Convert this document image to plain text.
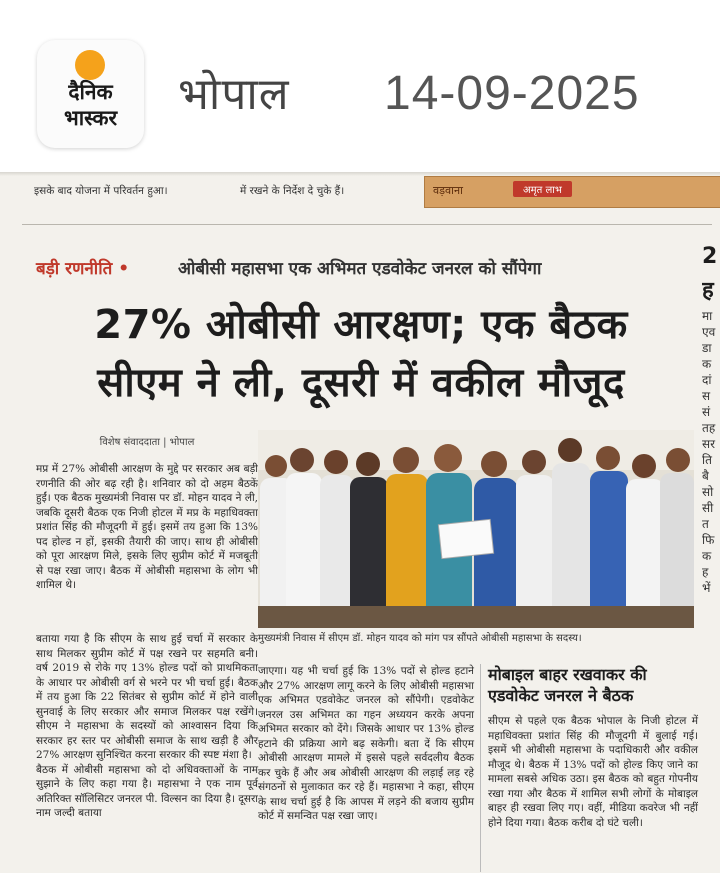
दैनिक
भास्कर	भोपाल 14-09-2025
इसके बाद योजना में परिवर्तन हुआ।	में रखने के निर्देश दे चुके हैं।	वड़वाना	अमृत लाभ
बड़ी रणनीति •	ओबीसी महासभा एक अभिमत एडवोकेट जनरल को सौंपेगा
27% ओबीसी आरक्षण; एक बैठक
सीएम ने ली, दूसरी में वकील मौजूद
2
ह
मा एव डा क दां स सं तह सर ति बै सो सी त फि क ह भें
विशेष संवाददाता | भोपाल
मप्र में 27% ओबीसी आरक्षण के मुद्दे पर सरकार अब बड़ी रणनीति की ओर बढ़ रही है। शनिवार को दो अहम बैठकें हुईं। एक बैठक मुख्यमंत्री निवास पर डॉ. मोहन यादव ने ली, जबकि दूसरी बैठक एक निजी होटल में मप्र के महाधिवक्ता प्रशांत सिंह की मौजूदगी में हुई। इसमें तय हुआ कि 13% पद होल्ड न हों, इसकी तैयारी की जाए। साथ ही ओबीसी को पूरा आरक्षण मिले, इसके लिए सुप्रीम कोर्ट में मजबूती से पक्ष रखा जाए। बैठक में ओबीसी महासभा के लोग भी शामिल थे।
मुख्यमंत्री निवास में सीएम डॉ. मोहन यादव को मांग पत्र सौंपते ओबीसी महासभा के सदस्य।
बताया गया है कि सीएम के साथ हुई चर्चा में सरकार के साथ मिलकर सुप्रीम कोर्ट में पक्ष रखने पर सहमति बनी। वर्ष 2019 से रोके गए 13% होल्ड पदों को प्राथमिकता के आधार पर ओबीसी वर्ग से भरने पर भी चर्चा हुई। बैठक में तय हुआ कि 22 सितंबर से सुप्रीम कोर्ट में होने वाली सुनवाई के लिए सरकार और समाज मिलकर पक्ष रखेंगे। सीएम ने महासभा के सदस्यों को आश्वासन दिया कि सरकार हर स्तर पर ओबीसी समाज के साथ खड़ी है और 27% आरक्षण सुनिश्चित करना सरकार की स्पष्ट मंशा है।
बैठक में ओबीसी महासभा को दो अधिवक्ताओं के नाम सुझाने के लिए कहा गया है। महासभा ने एक नाम पूर्व अतिरिक्त सॉलिसिटर जनरल पी. विल्सन का दिया है। दूसरा नाम जल्दी बताया
जाएगा। यह भी चर्चा हुई कि 13% पदों से होल्ड हटाने और 27% आरक्षण लागू करने के लिए ओबीसी महासभा एक अभिमत एडवोकेट जनरल को सौंपेगी। एडवोकेट जनरल उस अभिमत का गहन अध्ययन करके अपना अभिमत सरकार को देंगे। जिसके आधार पर 13% होल्ड हटाने की प्रक्रिया आगे बढ़ सकेगी। बता दें कि सीएम ओबीसी आरक्षण मामले में इससे पहले सर्वदलीय बैठक कर चुके हैं और अब ओबीसी आरक्षण की लड़ाई लड़ रहे संगठनों से मुलाकात कर रहे हैं। महासभा ने कहा, सीएम के साथ चर्चा हुई है कि आपस में लड़ने की बजाय सुप्रीम कोर्ट में समन्वित पक्ष रखा जाए।
मोबाइल बाहर रखवाकर की एडवोकेट जनरल ने बैठक
सीएम से पहले एक बैठक भोपाल के निजी होटल में महाधिवक्ता प्रशांत सिंह की मौजूदगी में बुलाई गई। इसमें भी ओबीसी महासभा के पदाधिकारी और वकील मौजूद थे। बैठक में 13% पदों को होल्ड किए जाने का मामला सबसे अधिक उठा। इस बैठक को बहुत गोपनीय रखा गया और बैठक में शामिल सभी लोगों के मोबाइल बाहर ही रखवा लिए गए। वहीं, मीडिया कवरेज भी नहीं होने दिया गया। बैठक करीब दो घंटे चली।
